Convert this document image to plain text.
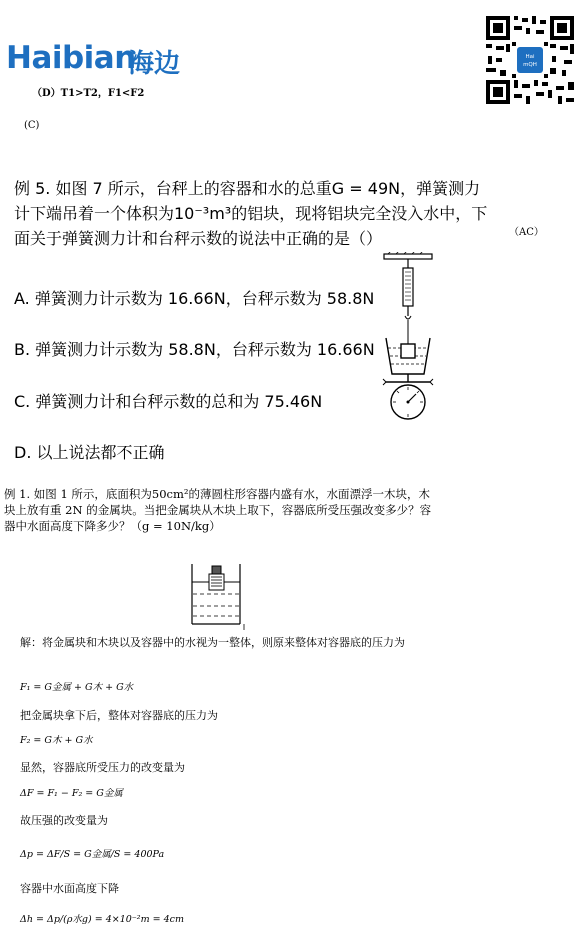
Haibian
海边	Hai
mQH
（D）T1>T2，F1<F2
(C)
例 5. 如图 7 所示，台秤上的容器和水的总重G = 49N，弹簧测力计下端吊着一个体积为10⁻³m³的铝块，现将铝块完全没入水中，下面关于弹簧测力计和台秤示数的说法中正确的是（）	（AC）
A. 弹簧测力计示数为 16.66N，台秤示数为 58.8N
B. 弹簧测力计示数为 58.8N，台秤示数为 16.66N
C. 弹簧测力计和台秤示数的总和为 75.46N
D. 以上说法都不正确
例 1. 如图 1 所示，底面积为50cm²的薄圆柱形容器内盛有水，水面漂浮一木块，木块上放有重 2N 的金属块。当把金属块从木块上取下，容器底所受压强改变多少？容器中水面高度下降多少？（g = 10N/kg）
解：将金属块和木块以及容器中的水视为一整体，则原来整体对容器底的压力为
F₁ = G金属 + G木 + G水
把金属块拿下后，整体对容器底的压力为
F₂ = G木 + G水
显然，容器底所受压力的改变量为
ΔF = F₁ − F₂ = G金属
故压强的改变量为
Δp = ΔF/S = G金属/S = 400Pa
容器中水面高度下降
Δh = Δp/(ρ水g) = 4×10⁻²m = 4cm
